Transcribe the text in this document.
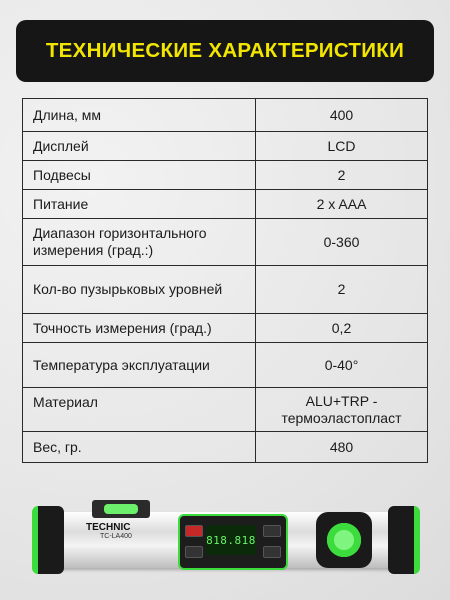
ТЕХНИЧЕСКИЕ ХАРАКТЕРИСТИКИ
Длина, мм	400
Дисплей	LCD
Подвесы	2
Питание	2 x AAA
Диапазон горизонтального измерения (град.:)	0-360
Кол-во пузырьковых уровней	2
Точность измерения (град.)	0,2
Температура эксплуатации	0-40°
Материал	ALU+TRP - термоэластопласт
Вес, гр.	480
TECHNIC
TC-LA400	818.818
